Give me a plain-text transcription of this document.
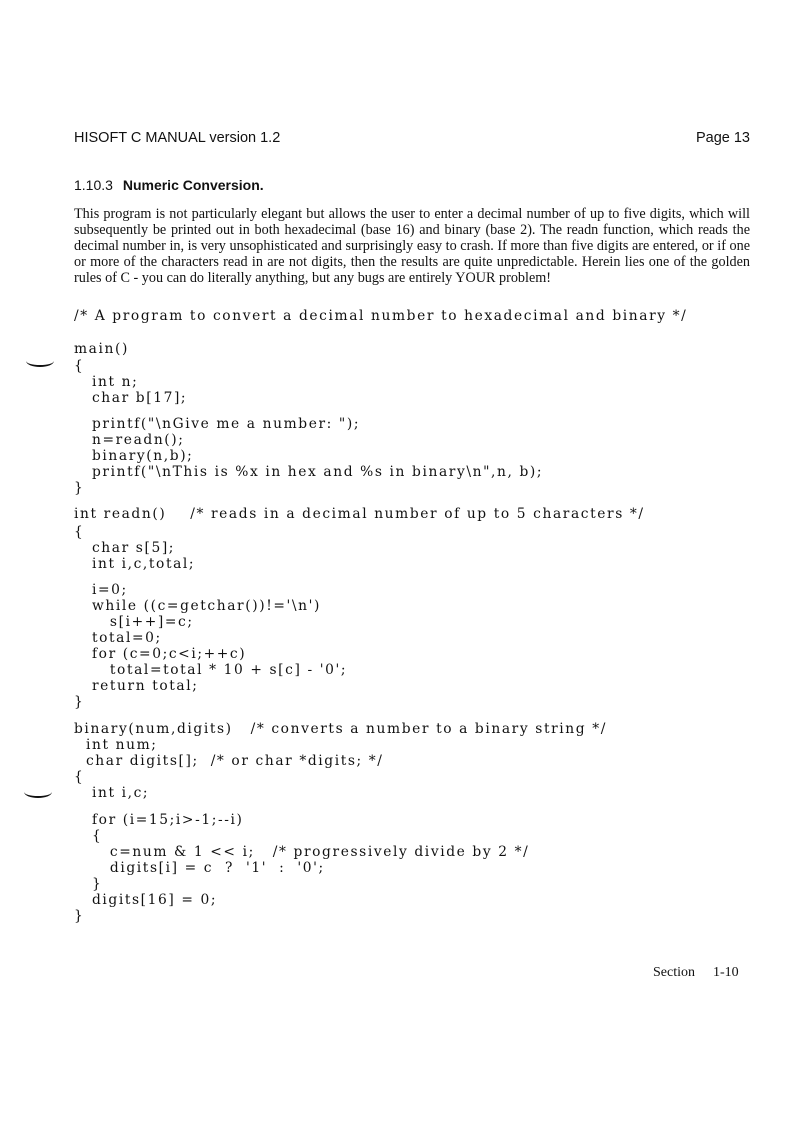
HISOFT C MANUAL version 1.2	Page 13
1.10.3 Numeric Conversion.

This program is not particularly elegant but allows the user to enter a decimal number of up to five digits, which will subsequently be printed out in both hexadecimal (base 16) and binary (base 2). The readn function, which reads the decimal number in, is very unsophisticated and surprisingly easy to crash. If more than five digits are entered, or if one or more of the characters read in are not digits, then the results are quite unpredictable. Herein lies one of the golden rules of C - you can do literally anything, but any bugs are entirely YOUR problem!

/* A program to convert a decimal number to hexadecimal and binary */
main()
{
int n;
char b[17];
printf("\nGive me a number: ");
n=readn();
binary(n,b);
printf("\nThis is %x in hex and %s in binary\n",n, b);
}
int readn()    /* reads in a decimal number of up to 5 characters */
{
char s[5];
int i,c,total;
i=0;
while ((c=getchar())!='\n')
s[i++]=c;
total=0;
for (c=0;c<i;++c)
total=total * 10 + s[c] - '0';
return total;
}
binary(num,digits)   /* converts a number to a binary string */
int num;
char digits[];  /* or char *digits; */
{
int i,c;
for (i=15;i>-1;--i)
{
c=num & 1 << i;   /* progressively divide by 2 */
digits[i] = c  ?  '1'  :  '0';
}
digits[16] = 0;
}
Section 1-10
